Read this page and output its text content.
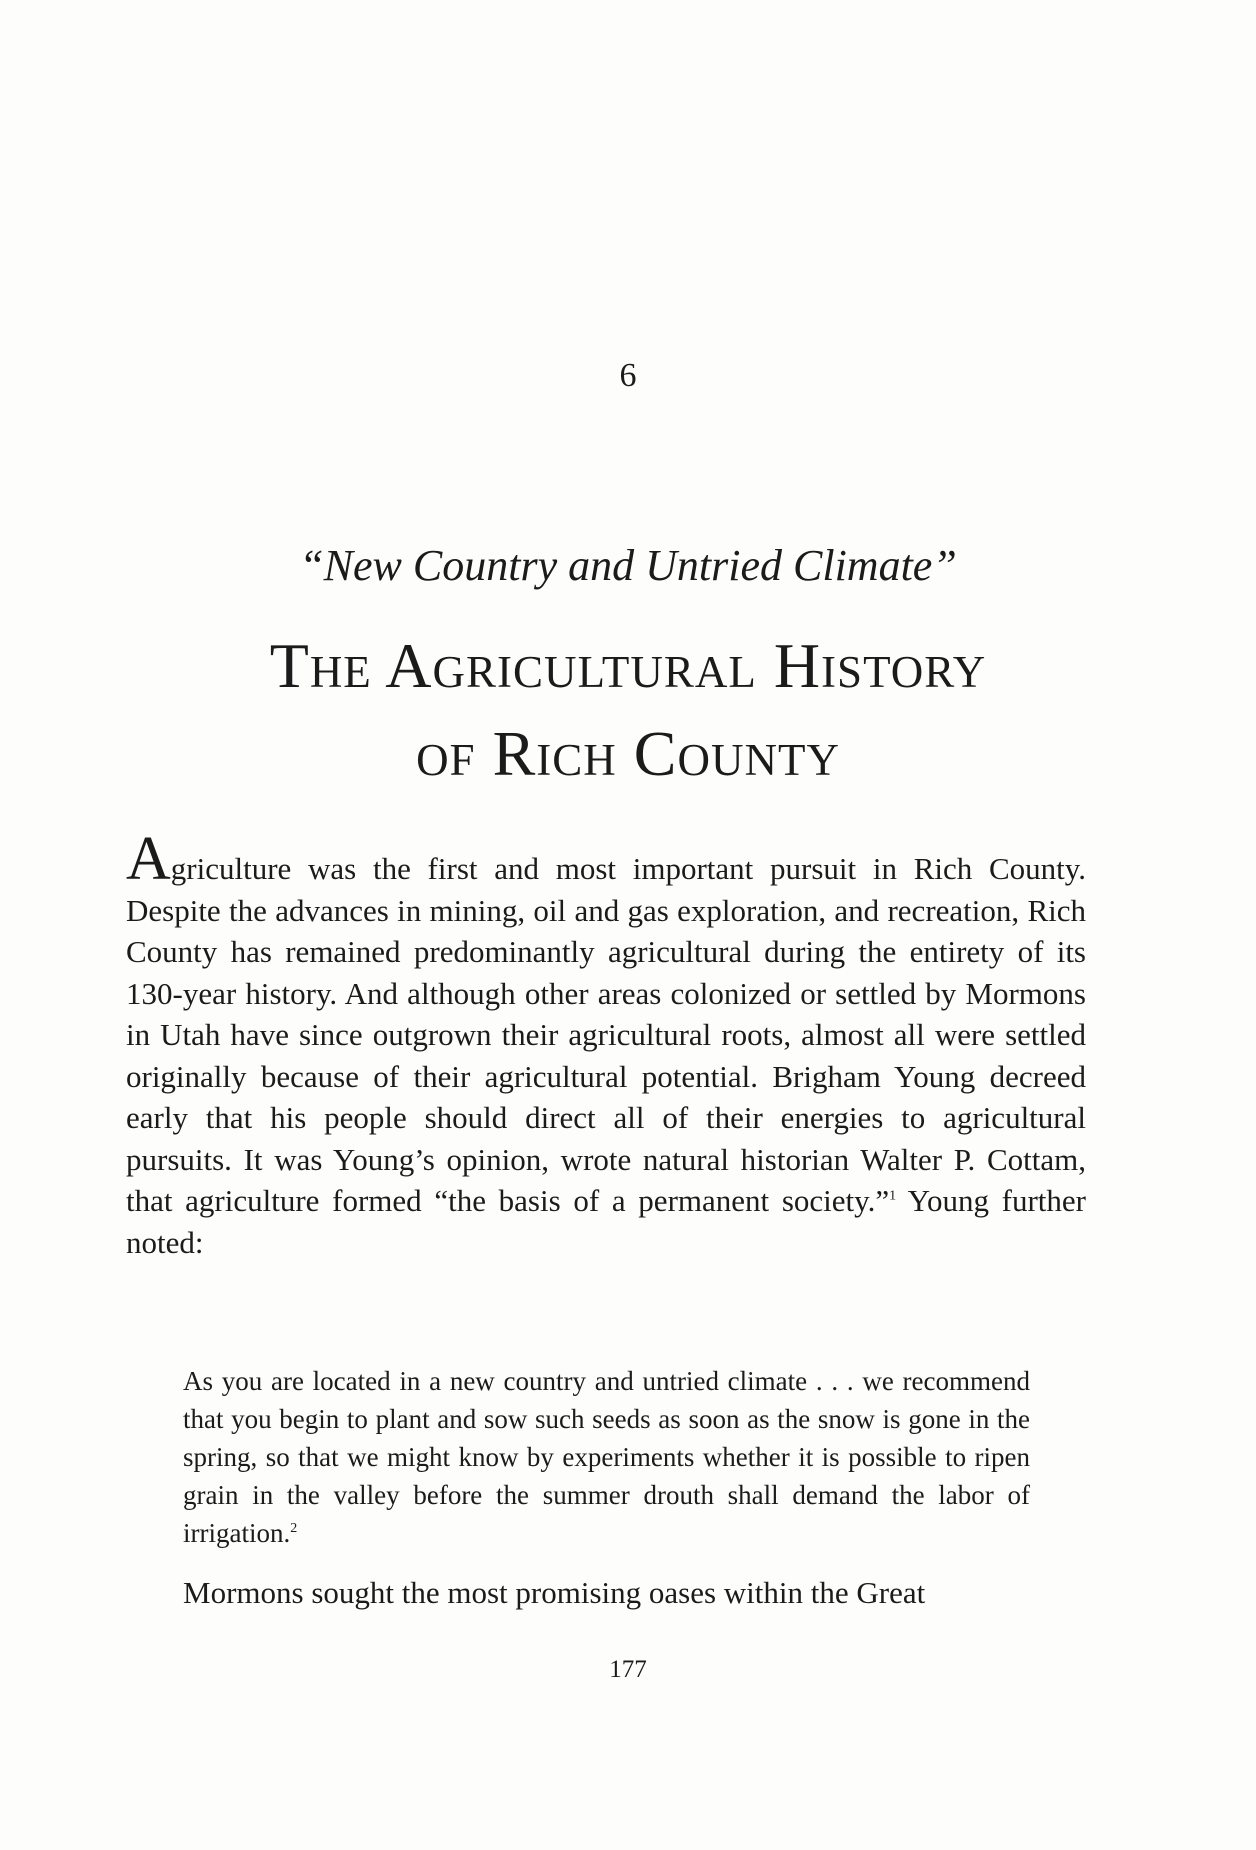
6
“New Country and Untried Climate”
The Agricultural History
of Rich County

Agriculture was the first and most important pursuit in Rich County. Despite the advances in mining, oil and gas exploration, and recreation, Rich County has remained predominantly agricultural during the entirety of its 130-year history. And although other areas colonized or settled by Mormons in Utah have since outgrown their agricultural roots, almost all were settled originally because of their agricultural potential. Brigham Young decreed early that his people should direct all of their energies to agricultural pursuits. It was Young’s opinion, wrote natural historian Walter P. Cottam, that agriculture formed “the basis of a permanent society.”$^1$ Young further noted:

As you are located in a new country and untried climate . . . we recommend that you begin to plant and sow such seeds as soon as the snow is gone in the spring, so that we might know by experiments whether it is possible to ripen grain in the valley before the summer drouth shall demand the labor of irrigation.$^2$

Mormons sought the most promising oases within the Great

177
